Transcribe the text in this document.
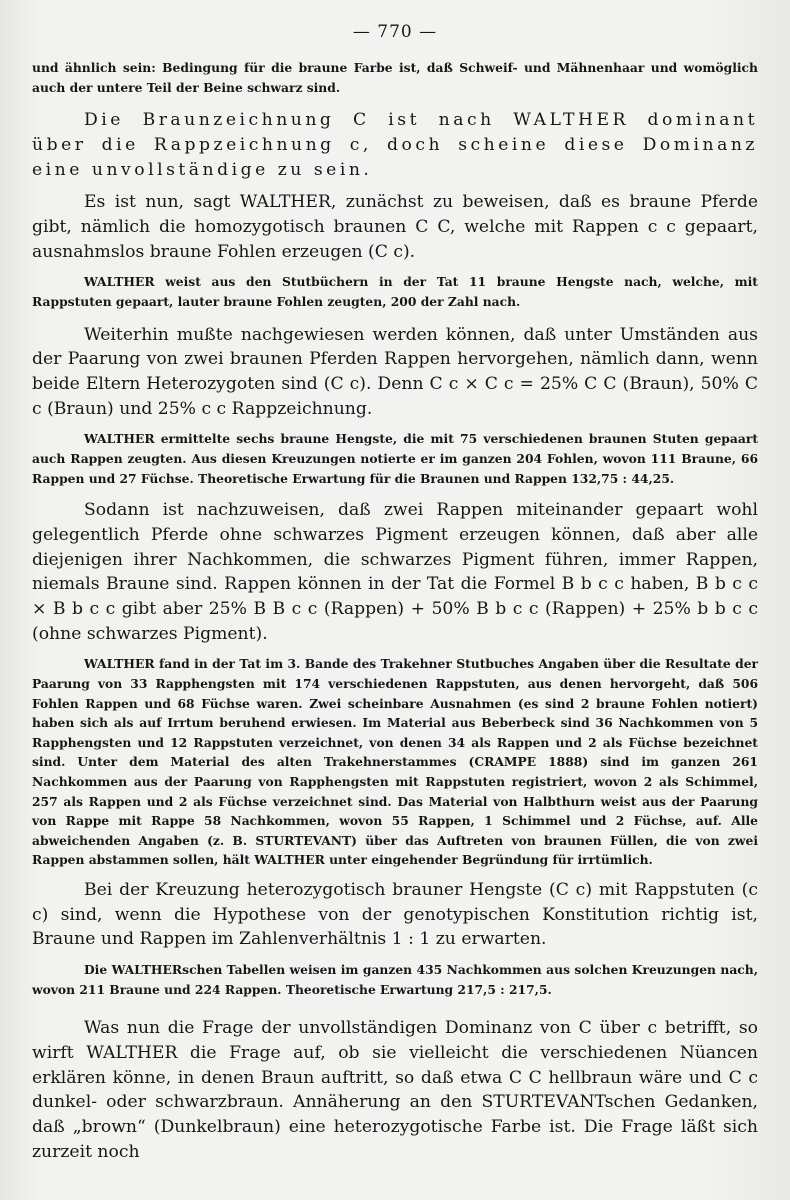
— 770 —

und ähnlich sein: Bedingung für die braune Farbe ist, daß Schweif- und Mähnenhaar und womöglich auch der untere Teil der Beine schwarz sind.

Die Braunzeichnung C ist nach WALTHER dominant über die Rappzeichnung c, doch scheine diese Dominanz eine unvollständige zu sein.

Es ist nun, sagt WALTHER, zunächst zu beweisen, daß es braune Pferde gibt, nämlich die homozygotisch braunen C C, welche mit Rappen c c gepaart, ausnahmslos braune Fohlen erzeugen (C c).

WALTHER weist aus den Stutbüchern in der Tat 11 braune Hengste nach, welche, mit Rappstuten gepaart, lauter braune Fohlen zeugten, 200 der Zahl nach.

Weiterhin mußte nachgewiesen werden können, daß unter Umständen aus der Paarung von zwei braunen Pferden Rappen hervorgehen, nämlich dann, wenn beide Eltern Heterozygoten sind (C c). Denn C c × C c = 25% C C (Braun), 50% C c (Braun) und 25% c c Rappzeichnung.

WALTHER ermittelte sechs braune Hengste, die mit 75 verschiedenen braunen Stuten gepaart auch Rappen zeugten. Aus diesen Kreuzungen notierte er im ganzen 204 Fohlen, wovon 111 Braune, 66 Rappen und 27 Füchse. Theoretische Erwartung für die Braunen und Rappen 132,75 : 44,25.

Sodann ist nachzuweisen, daß zwei Rappen miteinander gepaart wohl gelegentlich Pferde ohne schwarzes Pigment erzeugen können, daß aber alle diejenigen ihrer Nachkommen, die schwarzes Pigment führen, immer Rappen, niemals Braune sind. Rappen können in der Tat die Formel B b c c haben, B b c c × B b c c gibt aber 25% B B c c (Rappen) + 50% B b c c (Rappen) + 25% b b c c (ohne schwarzes Pigment).

WALTHER fand in der Tat im 3. Bande des Trakehner Stutbuches Angaben über die Resultate der Paarung von 33 Rapphengsten mit 174 verschiedenen Rappstuten, aus denen hervorgeht, daß 506 Fohlen Rappen und 68 Füchse waren. Zwei scheinbare Ausnahmen (es sind 2 braune Fohlen notiert) haben sich als auf Irrtum beruhend erwiesen. Im Material aus Beberbeck sind 36 Nachkommen von 5 Rapphengsten und 12 Rappstuten verzeichnet, von denen 34 als Rappen und 2 als Füchse bezeichnet sind. Unter dem Material des alten Trakehnerstammes (CRAMPE 1888) sind im ganzen 261 Nachkommen aus der Paarung von Rapphengsten mit Rappstuten registriert, wovon 2 als Schimmel, 257 als Rappen und 2 als Füchse verzeichnet sind. Das Material von Halbthurn weist aus der Paarung von Rappe mit Rappe 58 Nachkommen, wovon 55 Rappen, 1 Schimmel und 2 Füchse, auf. Alle abweichenden Angaben (z. B. STURTEVANT) über das Auftreten von braunen Füllen, die von zwei Rappen abstammen sollen, hält WALTHER unter eingehender Begründung für irrtümlich.

Bei der Kreuzung heterozygotisch brauner Hengste (C c) mit Rappstuten (c c) sind, wenn die Hypothese von der genotypischen Konstitution richtig ist, Braune und Rappen im Zahlenverhältnis 1 : 1 zu erwarten.

Die WALTHERschen Tabellen weisen im ganzen 435 Nachkommen aus solchen Kreuzungen nach, wovon 211 Braune und 224 Rappen. Theoretische Erwartung 217,5 : 217,5.

Was nun die Frage der unvollständigen Dominanz von C über c betrifft, so wirft WALTHER die Frage auf, ob sie vielleicht die verschiedenen Nüancen erklären könne, in denen Braun auftritt, so daß etwa C C hellbraun wäre und C c dunkel- oder schwarzbraun. Annäherung an den STURTEVANTschen Gedanken, daß „brown“ (Dunkelbraun) eine heterozygotische Farbe ist. Die Frage läßt sich zurzeit noch
